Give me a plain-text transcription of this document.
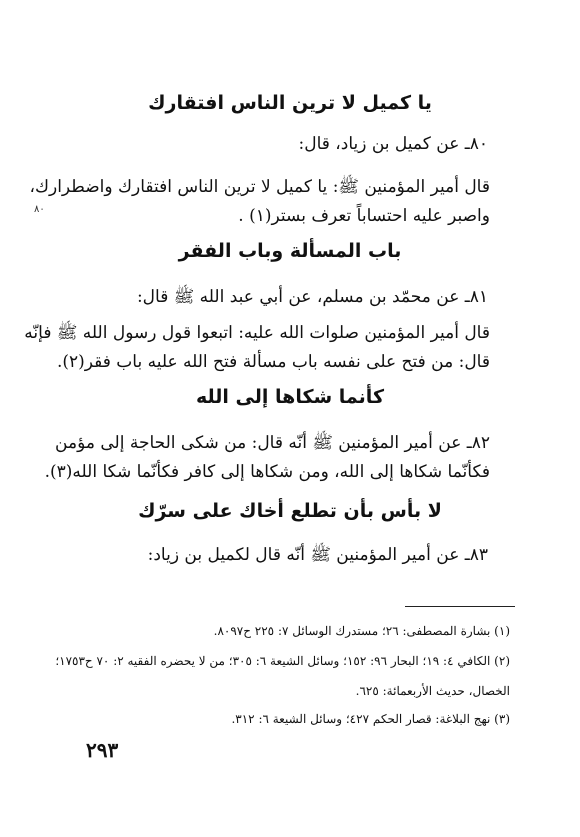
يا كميل لا ترين الناس افتقارك
٨٠ـ عن كميل بن زياد، قال:
قال أمير المؤمنين ﷺ: يا كميل لا ترين الناس افتقارك واضطرارك،
واصبر عليه احتساباً تعرف بستر(١) .
٨٠
باب المسألة وباب الفقر
٨١ـ عن محمّد بن مسلم، عن أبي عبد الله ﷺ قال:
قال أمير المؤمنين صلوات الله عليه: اتبعوا قول رسول الله ﷺ فإنّه
قال: من فتح على نفسه باب مسألة فتح الله عليه باب فقر(٢).
كأنما شكاها إلى الله
٨٢ـ عن أمير المؤمنين ﷺ أنّه قال: من شكى الحاجة إلى مؤمن
فكأنّما شكاها إلى الله، ومن شكاها إلى كافر فكأنّما شكا الله(٣).
لا بأس بأن تطلع أخاك على سرّك
٨٣ـ عن أمير المؤمنين ﷺ أنّه قال لكميل بن زياد:
(١) بشارة المصطفى: ٢٦؛ مستدرك الوسائل ٧: ٢٢٥ ح٨٠٩٧.
(٢) الكافي ٤: ١٩؛ البحار ٩٦: ١٥٢؛ وسائل الشيعة ٦: ٣٠٥؛ من لا يحضره الفقيه ٢: ٧٠ ح١٧٥٣؛
الخصال، حديث الأربعمائة: ٦٢٥.
(٣) نهج البلاغة: قصار الحكم ٤٢٧؛ وسائل الشيعة ٦: ٣١٢.
٢٩٣
